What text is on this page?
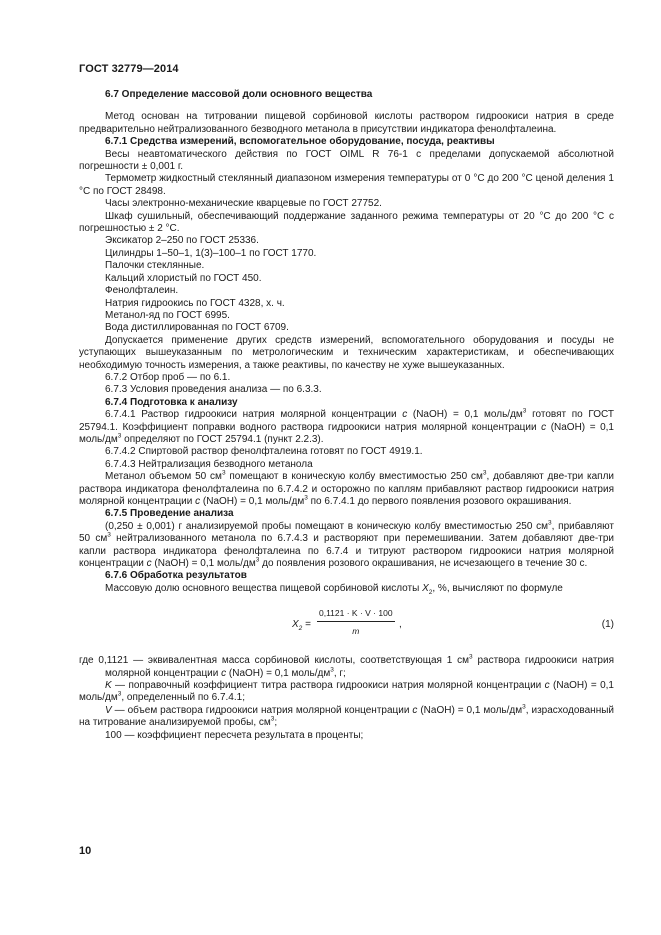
ГОСТ 32779—2014

6.7 Определение массовой доли основного вещества

Метод основан на титровании пищевой сорбиновой кислоты раствором гидроокиси натрия в среде предварительно нейтрализованного безводного метанола в присутствии индикатора фенолфталеина.

6.7.1 Средства измерений, вспомогательное оборудование, посуда, реактивы

Весы неавтоматического действия по ГОСТ OIML R 76-1 с пределами допускаемой абсолютной погрешности ± 0,001 г.

Термометр жидкостный стеклянный диапазоном измерения температуры от 0 °С до 200 °С ценой деления 1 °С по ГОСТ 28498.

Часы электронно-механические кварцевые по ГОСТ 27752.

Шкаф сушильный, обеспечивающий поддержание заданного режима температуры от 20 °С до 200 °С с погрешностью ± 2 °С.

Эксикатор 2–250 по ГОСТ 25336.

Цилиндры 1–50–1, 1(3)–100–1 по ГОСТ 1770.

Палочки стеклянные.

Кальций хлористый по ГОСТ 450.

Фенолфталеин.

Натрия гидроокись по ГОСТ 4328, х. ч.

Метанол-яд по ГОСТ 6995.

Вода дистиллированная по ГОСТ 6709.

Допускается применение других средств измерений, вспомогательного оборудования и посуды не уступающих вышеуказанным по метрологическим и техническим характеристикам, и обеспечивающих необходимую точность измерения, а также реактивы, по качеству не хуже вышеуказанных.

6.7.2 Отбор проб — по 6.1.

6.7.3 Условия проведения анализа — по 6.3.3.

6.7.4 Подготовка к анализу

6.7.4.1 Раствор гидроокиси натрия молярной концентрации с (NaOH) = 0,1 моль/$дм^3$ готовят по ГОСТ 25794.1. Коэффициент поправки водного раствора гидроокиси натрия молярной концентрации с (NaOH) = 0,1 моль/$дм^3$ определяют по ГОСТ 25794.1 (пункт 2.2.3).

6.7.4.2 Спиртовой раствор фенолфталеина готовят по ГОСТ 4919.1.

6.7.4.3 Нейтрализация безводного метанола

Метанол объемом 50 $см^3$ помещают в коническую колбу вместимостью 250 $см^3$, добавляют две-три капли раствора индикатора фенолфталеина по 6.7.4.2 и осторожно по каплям прибавляют раствор гидроокиси натрия молярной концентрации с (NaOH) = 0,1 моль/$дм^3$ по 6.7.4.1 до первого появления розового окрашивания.

6.7.5 Проведение анализа

(0,250 ± 0,001) г анализируемой пробы помещают в коническую колбу вместимостью 250 $см^3$, прибавляют 50 $см^3$ нейтрализованного метанола по 6.7.4.3 и растворяют при перемешивании. Затем добавляют две-три капли раствора индикатора фенолфталеина по 6.7.4 и титруют раствором гидроокиси натрия молярной концентрации с (NaOH) = 0,1 моль/$дм^3$ до появления розового окрашивания, не исчезающего в течение 30 с.

6.7.6 Обработка результатов

Массовую долю основного вещества пищевой сорбиновой кислоты $X_2$, %, вычисляют по формуле

$X_2 = \frac{0,1121 \cdot K \cdot V \cdot 100}{m}$ ,	(1)

где 0,1121 — эквивалентная масса сорбиновой кислоты, соответствующая 1 $см^3$ раствора гидроокиси натрия молярной концентрации с (NaOH) = 0,1 моль/$дм^3$, г;

K — поправочный коэффициент титра раствора гидроокиси натрия молярной концентрации с (NaOH) = 0,1 моль/$дм^3$, определенный по 6.7.4.1;

V — объем раствора гидроокиси натрия молярной концентрации с (NaOH) = 0,1 моль/$дм^3$, израсходованный на титрование анализируемой пробы, $см^3$;

100 — коэффициент пересчета результата в проценты;

10
